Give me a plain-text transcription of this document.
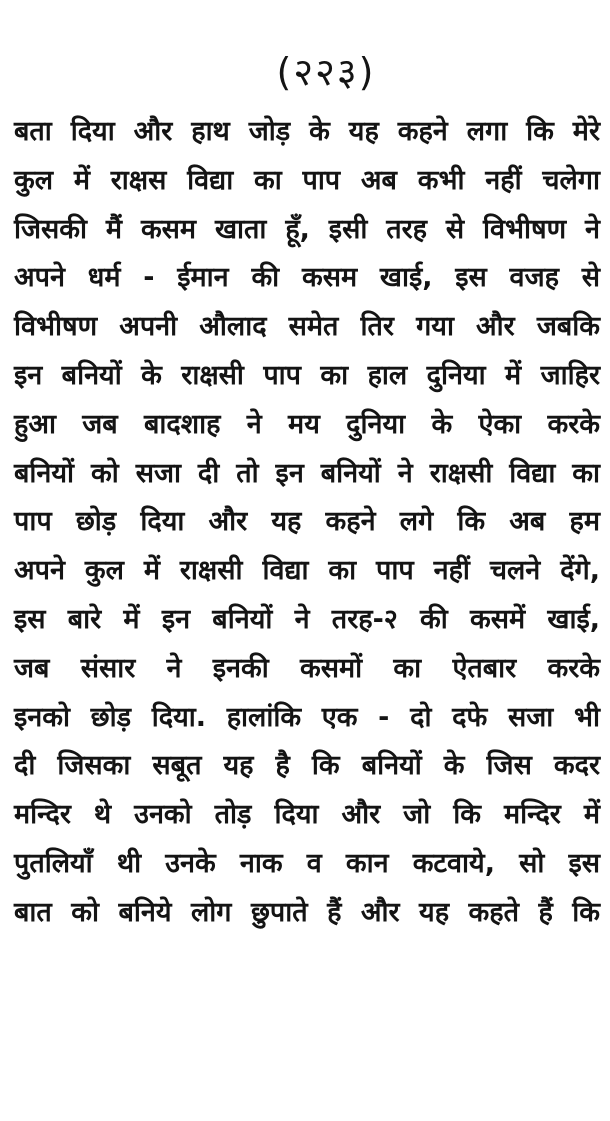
(२२३)
बता दिया और हाथ जोड़ के यह कहने लगा कि मेरे
कुल में राक्षस विद्या का पाप अब कभी नहीं चलेगा
जिसकी मैं कसम खाता हूँ, इसी तरह से विभीषण ने
अपने धर्म - ईमान की कसम खाई, इस वजह से
विभीषण अपनी औलाद समेत तिर गया और जबकि
इन बनियों के राक्षसी पाप का हाल दुनिया में जाहिर
हुआ जब बादशाह ने मय दुनिया के ऐका करके
बनियों को सजा दी तो इन बनियों ने राक्षसी विद्या का
पाप छोड़ दिया और यह कहने लगे कि अब हम
अपने कुल में राक्षसी विद्या का पाप नहीं चलने देंगे,
इस बारे में इन बनियों ने तरह-२ की कसमें खाई,
जब संसार ने इनकी कसमों का ऐतबार करके
इनको छोड़ दिया. हालांकि एक - दो दफे सजा भी
दी जिसका सबूत यह है कि बनियों के जिस कदर
मन्दिर थे उनको तोड़ दिया और जो कि मन्दिर में
पुतलियाँ थी उनके नाक व कान कटवाये, सो इस
बात को बनिये लोग छुपाते हैं और यह कहते हैं कि
